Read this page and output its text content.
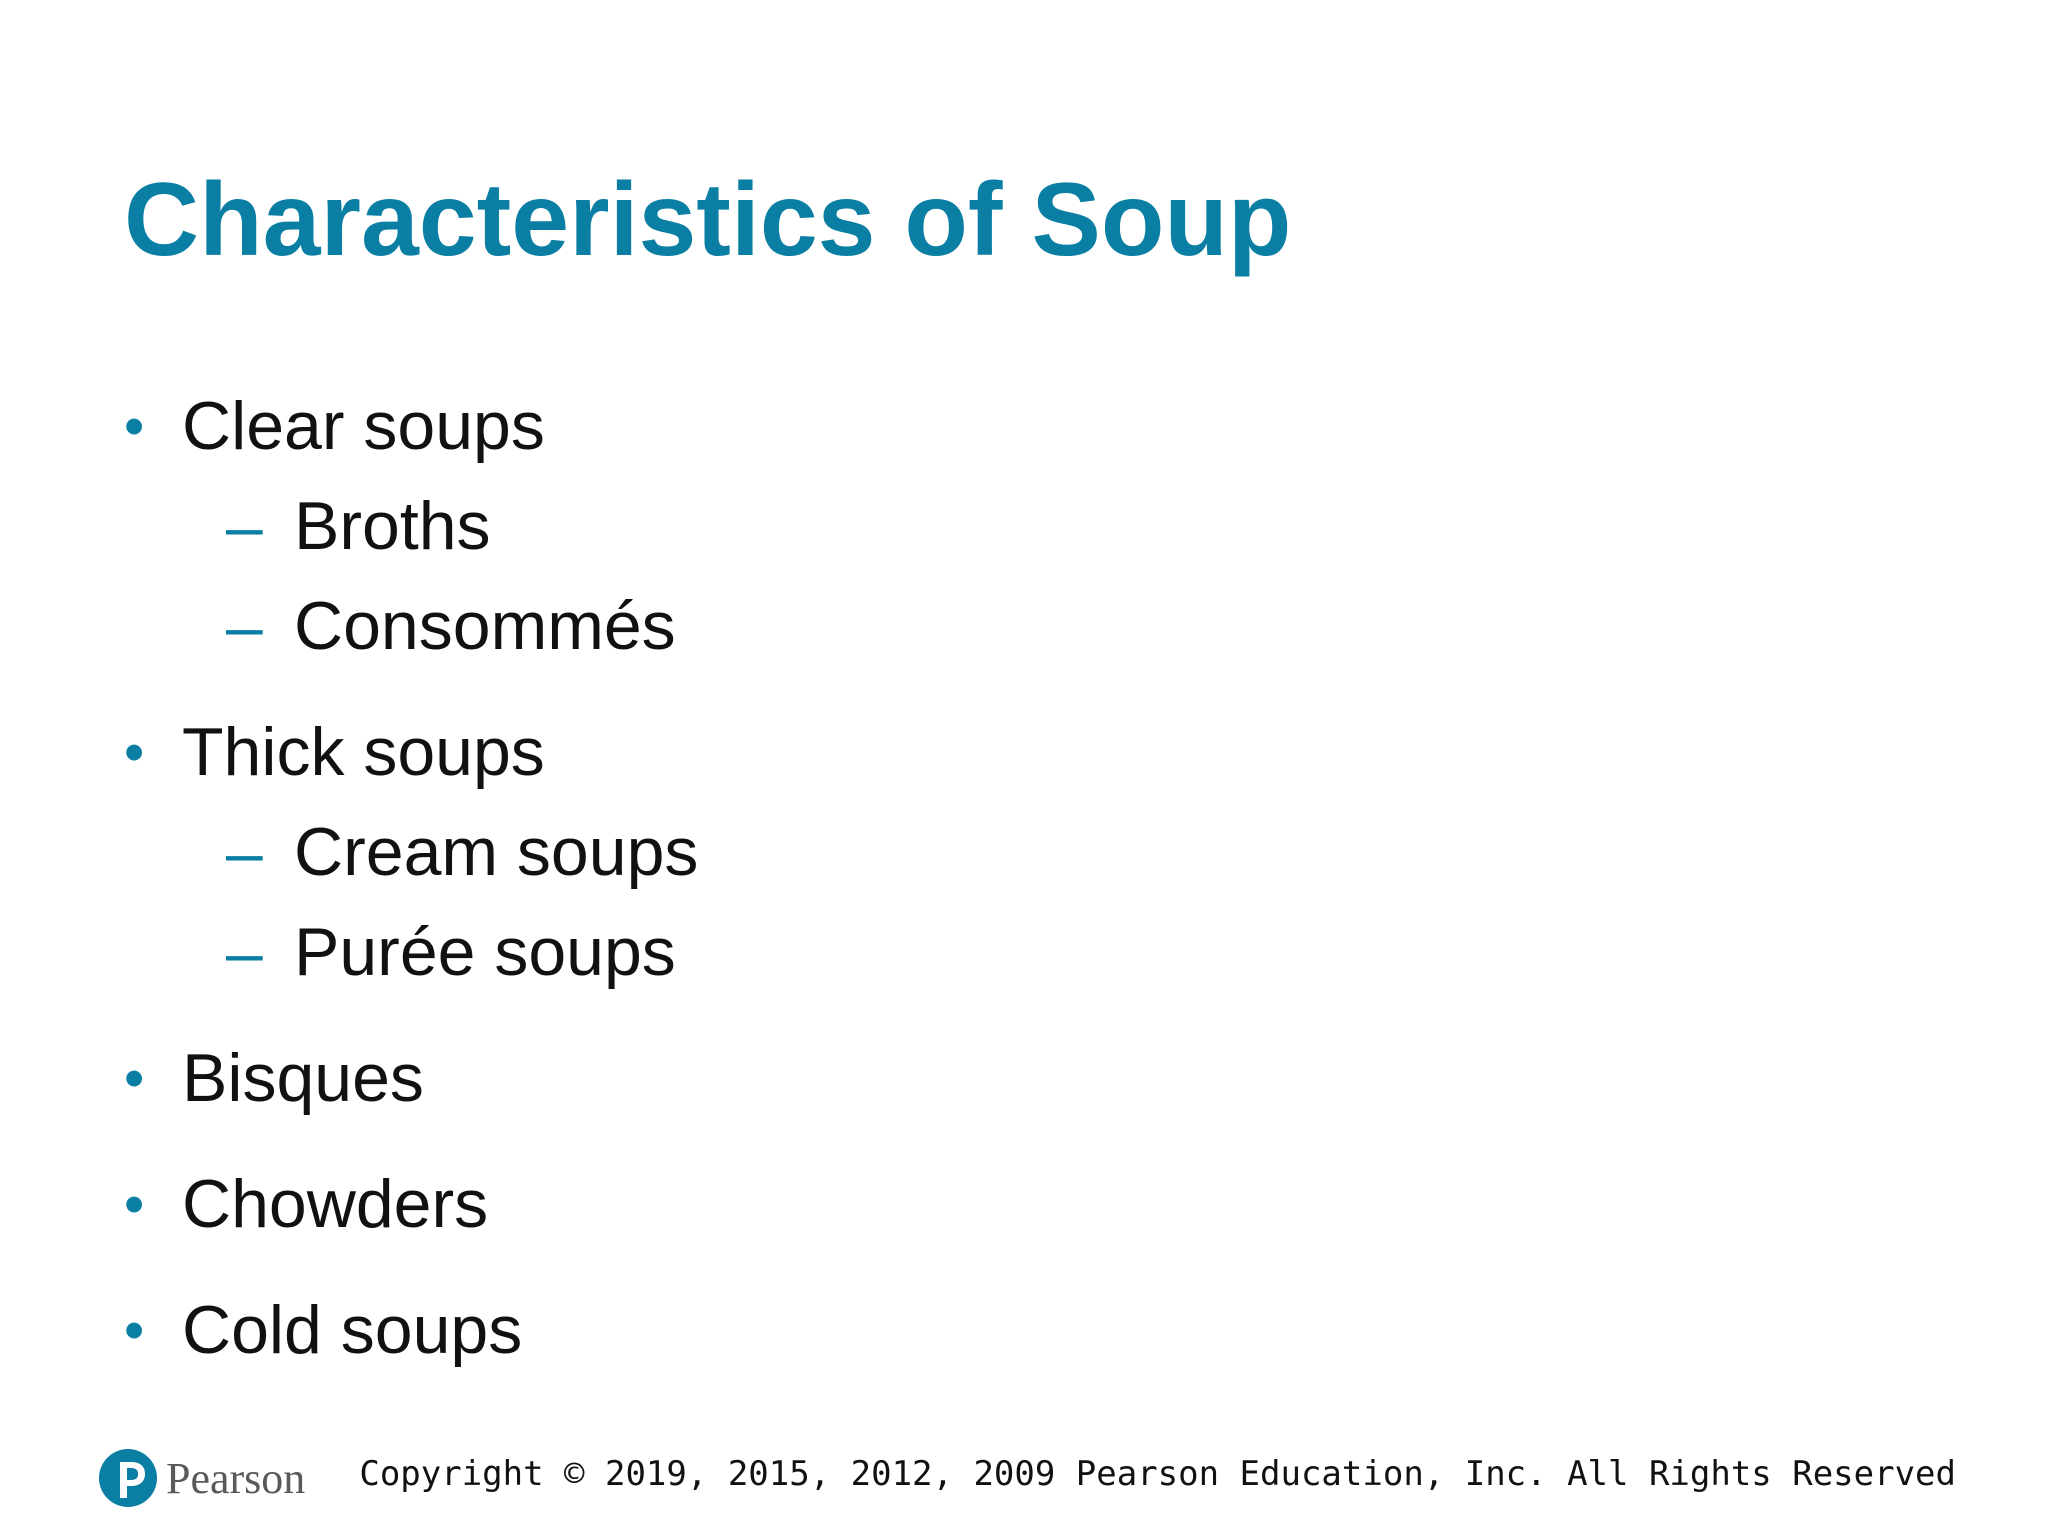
Characteristics of Soup
• Clear soups
– Broths
– Consommés
• Thick soups
– Cream soups
– Purée soups
• Bisques
• Chowders
• Cold soups
Pearson Copyright © 2019, 2015, 2012, 2009 Pearson Education, Inc. All Rights Reserved
